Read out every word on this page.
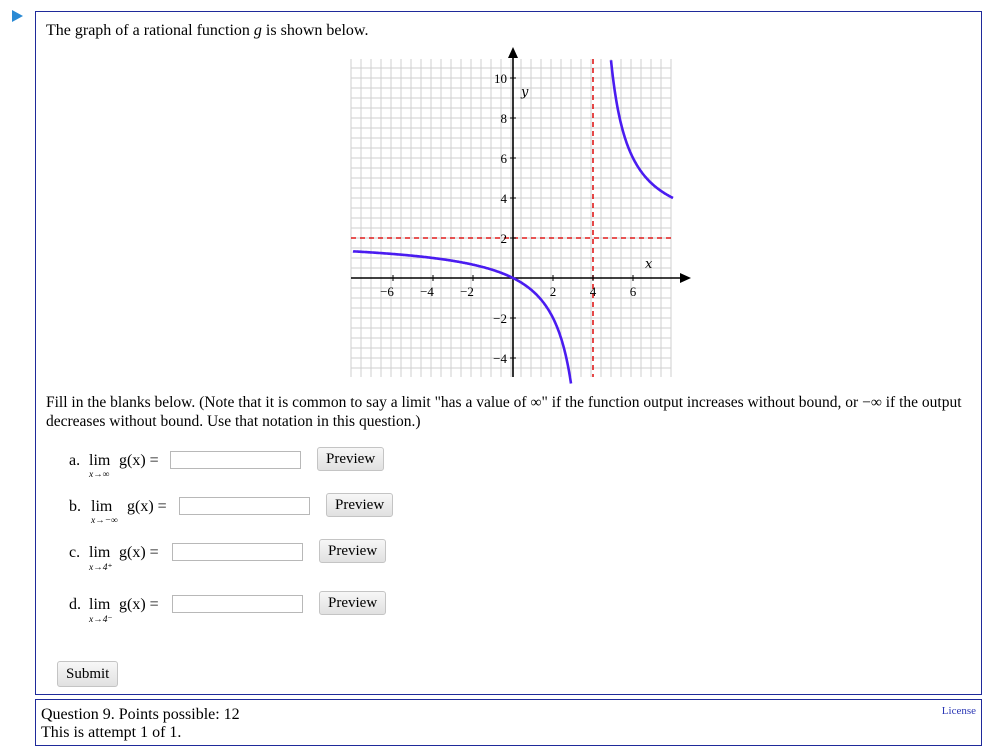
The graph of a rational function g is shown below.
−6 −4 −2	2	4	6
10
8
6
4
2
−2
−4
x
y
Fill in the blanks below. (Note that it is common to say a limit "has a value of ∞" if the function output increases without bound, or −∞ if the output decreases without bound. Use that notation in this question.)
a. lim
x→∞
g(x) =	Preview
b. lim
x→−∞
g(x) =	Preview
c. lim
x→4⁺
g(x) =	Preview
d. lim
x→4⁻
g(x) =	Preview
Submit
Question 9. Points possible: 12
This is attempt 1 of 1.
License
